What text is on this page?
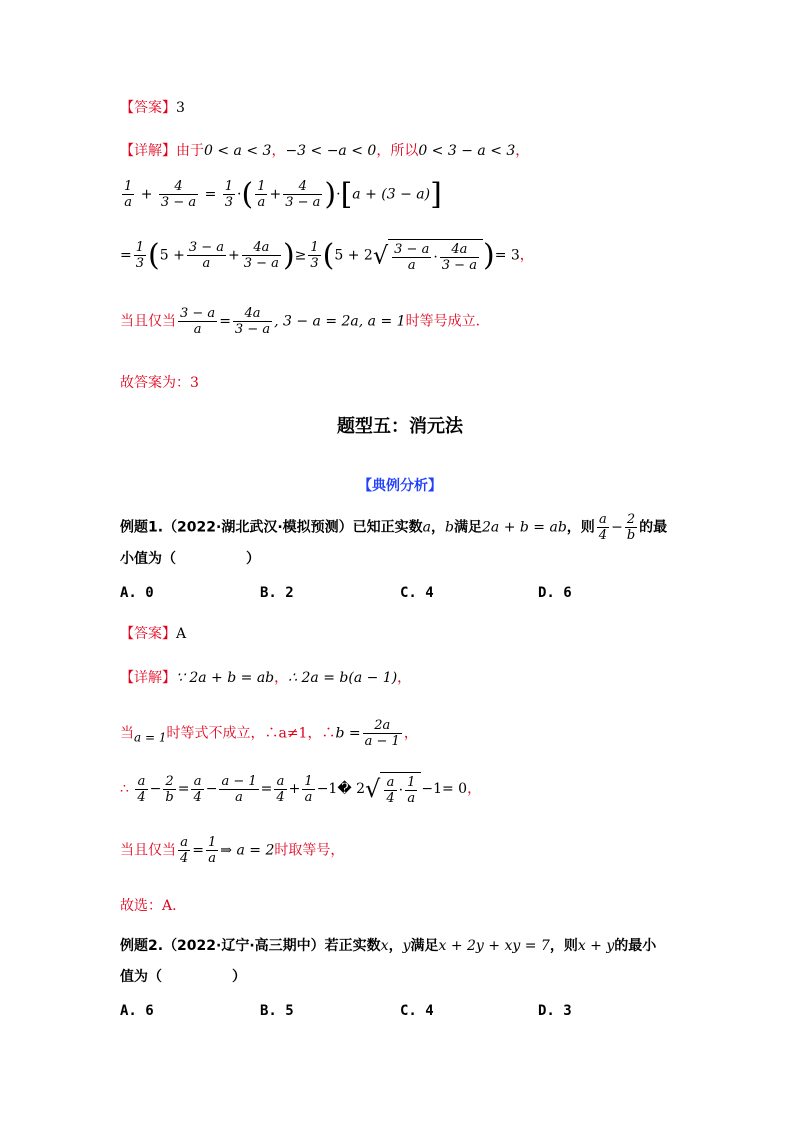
【答案】3
【详解】由于0 < a < 3，−3 < −a < 0，所以0 < 3 − a < 3，
$\frac{1}{a} + \frac{4}{3 - a} = \frac{1}{3}$ ·( $\frac{1}{a} + \frac{4}{3 - a} )\cdot[a + (3 - a)]$
= $\frac{1}{3} (5 + \frac{3 - a}{a} + \frac{4a}{3 - a}$ )≥ $\frac{1}{3} (5 + 2√ \frac{3 - a}{a} \cdot \frac{4a}{3 - a}$ )= 3，
当且仅当 $\frac{3 - a}{a} = \frac{4a}{3 - a}$ , 3 − a = 2a, a = 1时等号成立.
故答案为：3
题型五：消元法
【典例分析】
例题1.（2022·湖北武汉·模拟预测）已知正实数a，b满足2a + b = ab，则 $\frac{a}{4} - \frac{2}{b}$ 的最
小值为（	）
A. 0	B. 2	C. 4	D. 6
【答案】A
【详解】∵ 2a + b = ab，∴ 2a = b(a − 1)，
当a = 1时等式不成立，∴a≠1，∴b = $\frac{2a}{a - 1}$ ，
∴ $\frac{a}{4} - \frac{2}{b} = \frac{a}{4} - \frac{a - 1}{a} = \frac{a}{4} + \frac{1}{a}$ −1� $2√ \frac{a}{4} \cdot \frac{1}{a} -1= 0$，
当且仅当 $\frac{a}{4} = \frac{1}{a}$ ⇒ a = 2时取等号，
故选：A.
例题2.（2022·辽宁·高三期中）若正实数x，y满足x + 2y + xy = 7，则x + y的最小
值为（	）
A. 6	B. 5	C. 4	D. 3
